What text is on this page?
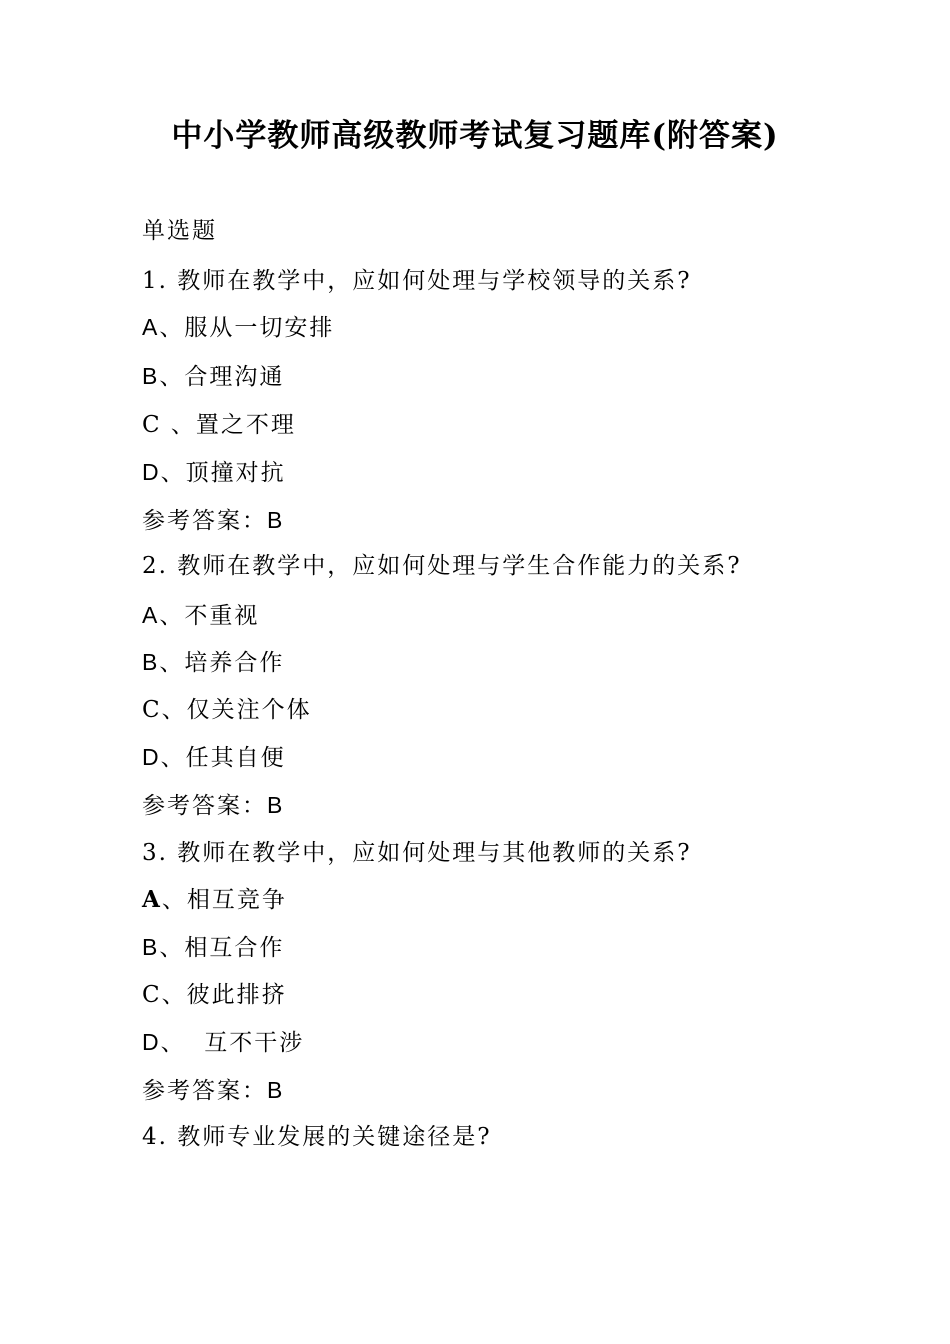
中小学教师高级教师考试复习题库(附答案)
单选题
1. 教师在教学中，应如何处理与学校领导的关系?
A、服从一切安排
B、合理沟通
C 、置之不理
D、顶撞对抗
参考答案：B
2. 教师在教学中，应如何处理与学生合作能力的关系?
A、不重视
B、培养合作
C、仅关注个体
D、任其自便
参考答案：B
3. 教师在教学中，应如何处理与其他教师的关系?
A、相互竞争
B、相互合作
C、彼此排挤
D、  互不干涉
参考答案：B
4. 教师专业发展的关键途径是?
